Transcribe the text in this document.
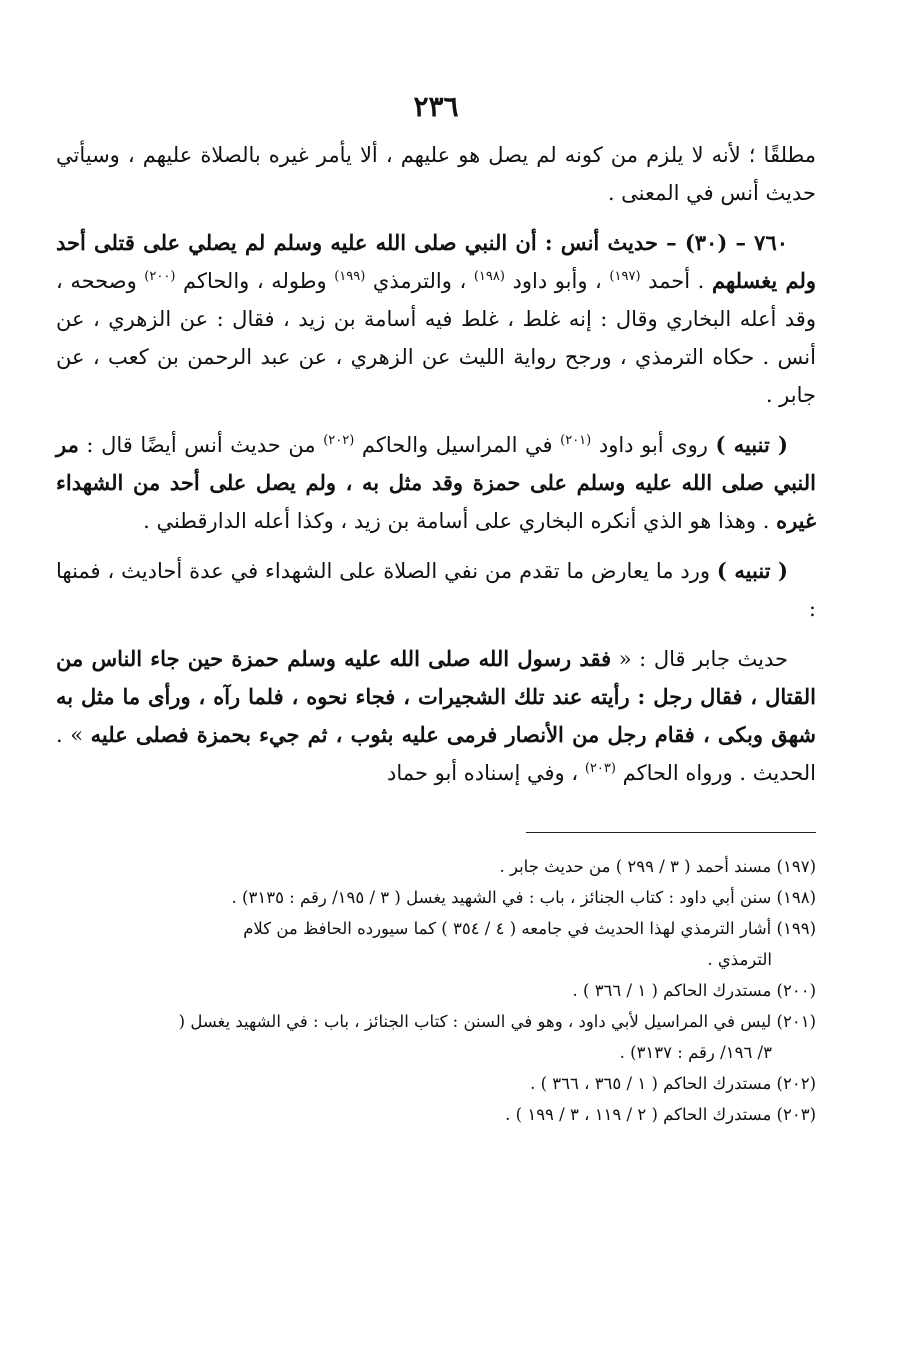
٢٣٦

مطلقًا ؛ لأنه لا يلزم من كونه لم يصل هو عليهم ، ألا يأمر غيره بالصلاة عليهم ، وسيأتي حديث أنس في المعنى .

٧٦٠ – (٣٠) – حديث أنس : أن النبي صلى الله عليه وسلم لم يصلي على قتلى أحد ولم يغسلهم . أحمد $^{(١٩٧)}$ ، وأبو داود $^{(١٩٨)}$ ، والترمذي $^{(١٩٩)}$ وطوله ، والحاكم $^{(٢٠٠)}$ وصححه ، وقد أعله البخاري وقال : إنه غلط ، غلط فيه أسامة بن زيد ، فقال : عن الزهري ، عن أنس . حكاه الترمذي ، ورجح رواية الليث عن الزهري ، عن عبد الرحمن بن كعب ، عن جابر .

( تنبيه ) روى أبو داود $^{(٢٠١)}$ في المراسيل والحاكم $^{(٢٠٢)}$ من حديث أنس أيضًا قال : مر النبي صلى الله عليه وسلم على حمزة وقد مثل به ، ولم يصل على أحد من الشهداء غيره . وهذا هو الذي أنكره البخاري على أسامة بن زيد ، وكذا أعله الدارقطني .

( تنبيه ) ورد ما يعارض ما تقدم من نفي الصلاة على الشهداء في عدة أحاديث ، فمنها :

حديث جابر قال : « فقد رسول الله صلى الله عليه وسلم حمزة حين جاء الناس من القتال ، فقال رجل : رأيته عند تلك الشجيرات ، فجاء نحوه ، فلما رآه ، ورأى ما مثل به شهق وبكى ، فقام رجل من الأنصار فرمى عليه بثوب ، ثم جيء بحمزة فصلى عليه » . الحديث . ورواه الحاكم $^{(٢٠٣)}$ ، وفي إسناده أبو حماد

(١٩٧) مسند أحمد ( ٣ / ٢٩٩ ) من حديث جابر .

(١٩٨) سنن أبي داود : كتاب الجنائز ، باب : في الشهيد يغسل ( ٣ / ١٩٥/ رقم : ٣١٣٥) .

(١٩٩) أشار الترمذي لهذا الحديث في جامعه ( ٤ / ٣٥٤ ) كما سيورده الحافظ من كلام
الترمذي .

(٢٠٠) مستدرك الحاكم ( ١ / ٣٦٦ ) .

(٢٠١) ليس في المراسيل لأبي داود ، وهو في السنن : كتاب الجنائز ، باب : في الشهيد يغسل (
٣/ ١٩٦/ رقم : ٣١٣٧) .

(٢٠٢) مستدرك الحاكم ( ١ / ٣٦٥ ، ٣٦٦ ) .

(٢٠٣) مستدرك الحاكم ( ٢ / ١١٩ ، ٣ / ١٩٩ ) .
